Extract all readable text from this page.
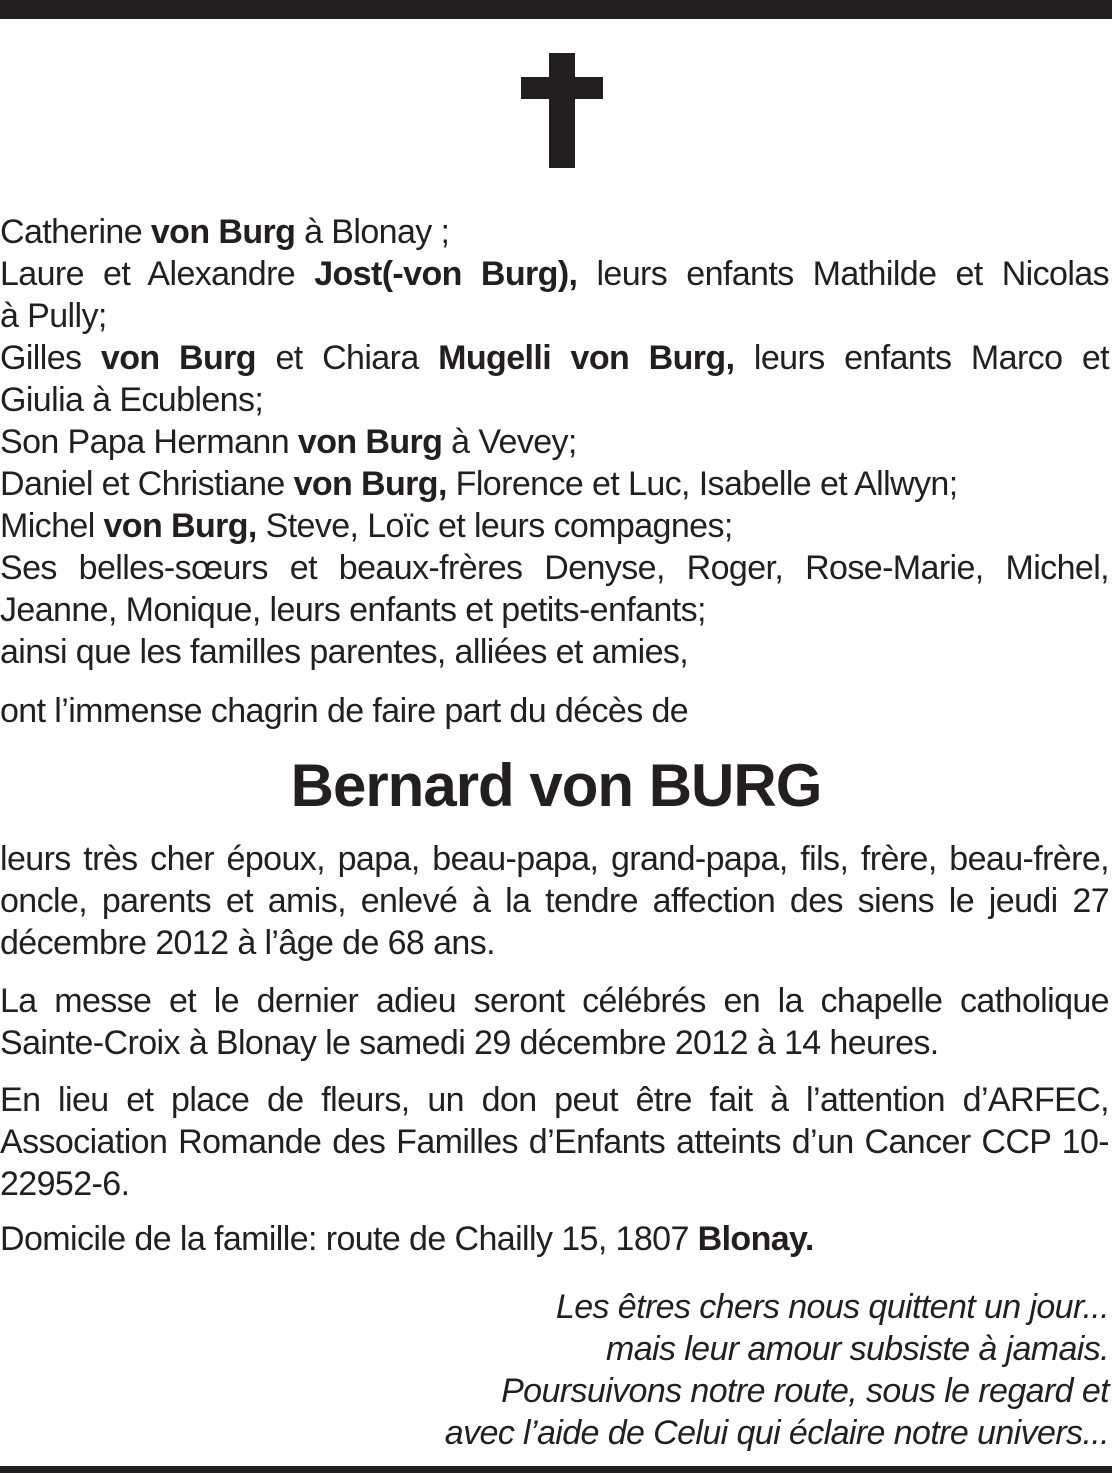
Catherine von Burg à Blonay ;
Laure et Alexandre Jost(-von Burg), leurs enfants Mathilde et Nicolas
à Pully;
Gilles von Burg et Chiara Mugelli von Burg, leurs enfants Marco et
Giulia à Ecublens;
Son Papa Hermann von Burg à Vevey;
Daniel et Christiane von Burg, Florence et Luc, Isabelle et Allwyn;
Michel von Burg, Steve, Loïc et leurs compagnes;
Ses belles-sœurs et beaux-frères Denyse, Roger, Rose-Marie, Michel,
Jeanne, Monique, leurs enfants et petits-enfants;
ainsi que les familles parentes, alliées et amies,
ont l’immense chagrin de faire part du décès de
Bernard von BURG
leurs très cher époux, papa, beau-papa, grand-papa, fils, frère, beau-frère, oncle, parents et amis, enlevé à la tendre affection des siens le jeudi 27 décembre 2012 à l’âge de 68 ans.
La messe et le dernier adieu seront célébrés en la chapelle catholique Sainte-Croix à Blonay le samedi 29 décembre 2012 à 14 heures.
En lieu et place de fleurs, un don peut être fait à l’attention d’ARFEC, Association Romande des Familles d’Enfants atteints d’un Cancer CCP 10-22952-6.
Domicile de la famille: route de Chailly 15, 1807 Blonay.
Les êtres chers nous quittent un jour...
mais leur amour subsiste à jamais.
Poursuivons notre route, sous le regard et
avec l’aide de Celui qui éclaire notre univers...
